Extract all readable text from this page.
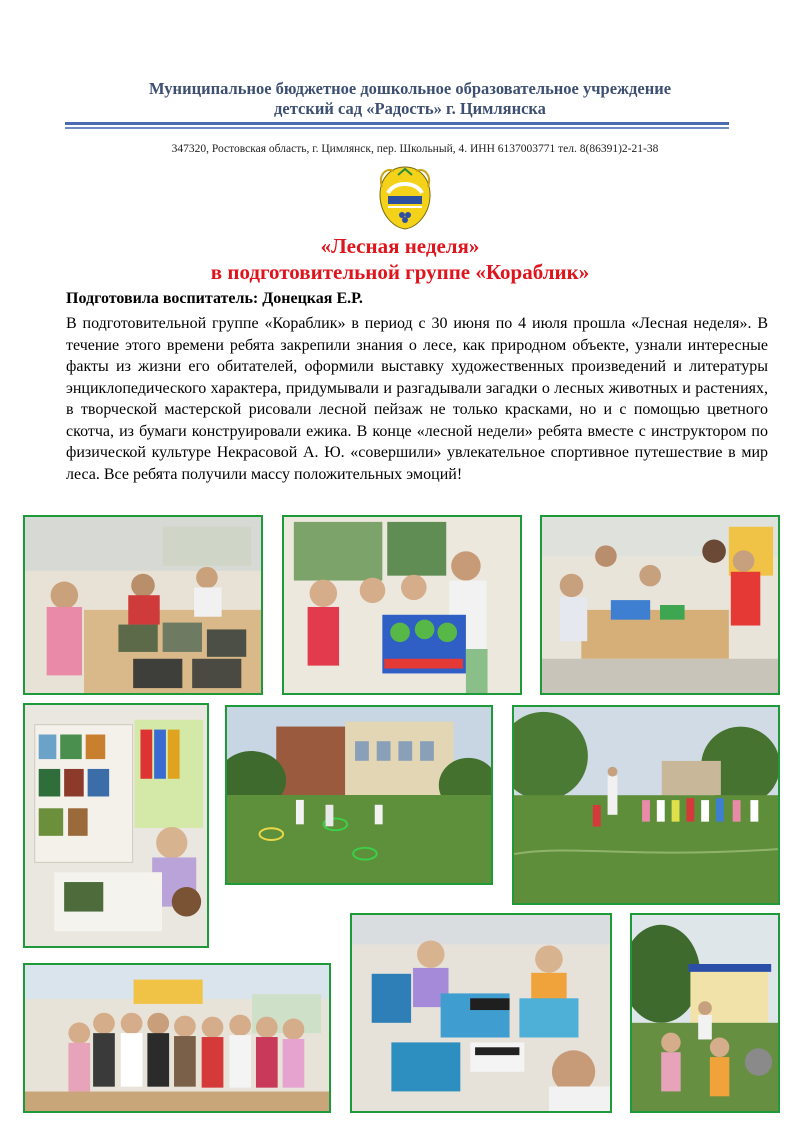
Муниципальное бюджетное дошкольное образовательное учреждение
детский сад «Радость» г. Цимлянска
347320, Ростовская область, г. Цимлянск, пер. Школьный, 4. ИНН 6137003771 тел. 8(86391)2-21-38
«Лесная неделя»
в подготовительной группе «Кораблик»
Подготовила воспитатель: Донецкая Е.Р.

В подготовительной группе «Кораблик» в период с 30 июня по 4 июля прошла «Лесная неделя». В течение этого времени ребята закрепили знания о лесе, как природном объекте, узнали интересные факты из жизни его обитателей, оформили выставку художественных произведений и литературы энциклопедического характера, придумывали и разгадывали загадки о лесных животных и растениях, в творческой мастерской рисовали лесной пейзаж не только красками, но и с помощью цветного скотча, из бумаги конструировали ежика. В конце «лесной недели» ребята вместе с инструктором по физической культуре Некрасовой А. Ю. «совершили» увлекательное спортивное путешествие в мир леса. Все ребята получили массу положительных эмоций!
